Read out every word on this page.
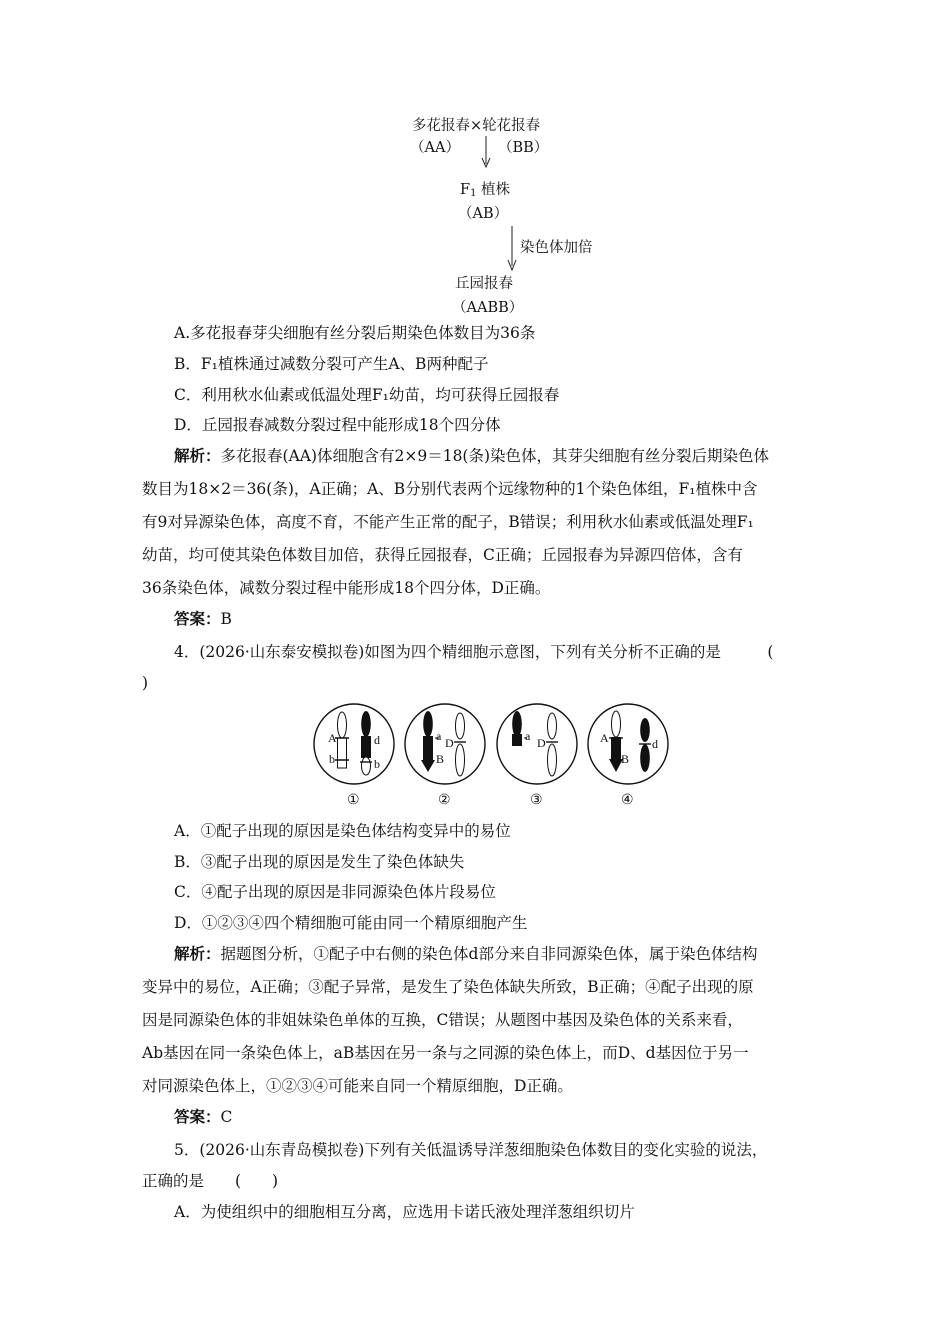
多花报春×轮花报春
（AA）	（BB）
$F_1$ 植株
（AB）
染色体加倍
丘园报春
（AABB）
A.多花报春芽尖细胞有丝分裂后期染色体数目为36条
B．F₁植株通过减数分裂可产生A、B两种配子
C．利用秋水仙素或低温处理F₁幼苗，均可获得丘园报春
D．丘园报春减数分裂过程中能形成18个四分体
解析：多花报春(AA)体细胞含有2×9＝18(条)染色体，其芽尖细胞有丝分裂后期染色体
数目为18×2＝36(条)，A正确；A、B分别代表两个远缘物种的1个染色体组，F₁植株中含
有9对异源染色体，高度不育，不能产生正常的配子，B错误；利用秋水仙素或低温处理F₁
幼苗，均可使其染色体数目加倍，获得丘园报春，C正确；丘园报春为异源四倍体，含有
36条染色体，减数分裂过程中能形成18个四分体，D正确。
答案：B
4．(2026·山东泰安模拟卷)如图为四个精细胞示意图，下列有关分析不正确的是　　　(
)
A
b
d
b
a
B
D	a D	A
B
d
①	②	③	④
A．①配子出现的原因是染色体结构变异中的易位
B．③配子出现的原因是发生了染色体缺失
C．④配子出现的原因是非同源染色体片段易位
D．①②③④四个精细胞可能由同一个精原细胞产生
解析：据题图分析，①配子中右侧的染色体d部分来自非同源染色体，属于染色体结构
变异中的易位，A正确；③配子异常，是发生了染色体缺失所致，B正确；④配子出现的原
因是同源染色体的非姐妹染色单体的互换，C错误；从题图中基因及染色体的关系来看，
Ab基因在同一条染色体上，aB基因在另一条与之同源的染色体上，而D、d基因位于另一
对同源染色体上，①②③④可能来自同一个精原细胞，D正确。
答案：C
5．(2026·山东青岛模拟卷)下列有关低温诱导洋葱细胞染色体数目的变化实验的说法，
正确的是　　(　　)
A．为使组织中的细胞相互分离，应选用卡诺氏液处理洋葱组织切片
